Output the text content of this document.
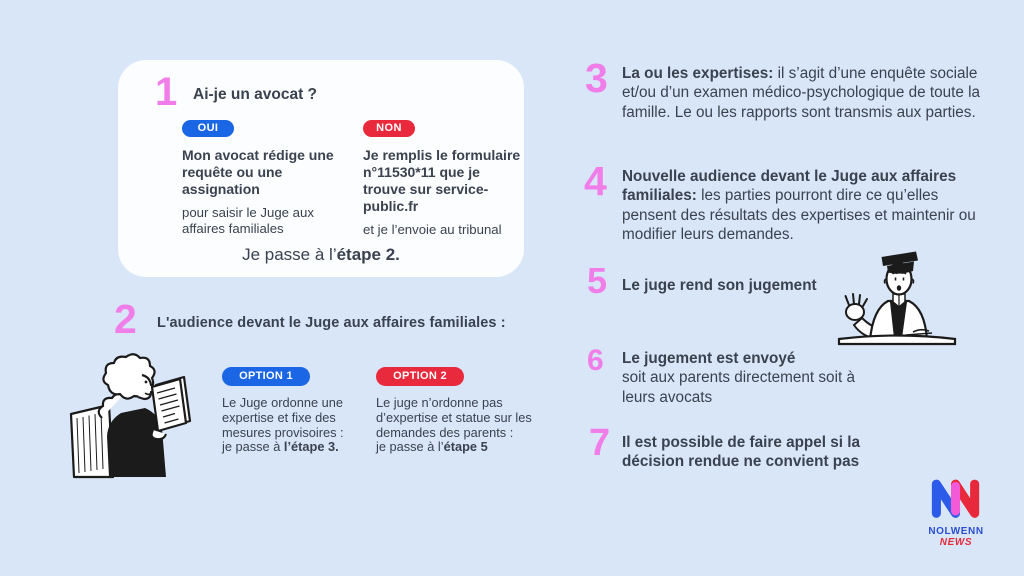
1 Ai-je un avocat ?
OUI

Mon avocat rédige une requête ou une assignation

pour saisir le Juge aux affaires familiales

NON

Je remplis le formulaire n°11530*11 que je trouve sur service-public.fr

et je l’envoie au tribunal

Je passe à l’étape 2.

2 L'audience devant le Juge aux affaires familiales :
OPTION 1

Le Juge ordonne une expertise et fixe des mesures provisoires :

je passe à l’étape 3.

OPTION 2

Le juge n’ordonne pas d’expertise et statue sur les demandes des parents :

je passe à l’étape 5

3 La ou les expertises: il s’agit d’une enquête sociale et/ou d’un examen médico-psychologique de toute la famille. Le ou les rapports sont transmis aux parties.

4 Nouvelle audience devant le Juge aux affaires familiales: les parties pourront dire ce qu’elles pensent des résultats des expertises et maintenir ou modifier leurs demandes.

5 Le juge rend son jugement

6 Le jugement est envoyé

soit aux parents directement soit à leurs avocats

7 Il est possible de faire appel si la décision rendue ne convient pas

NOLWENN

NEWS
